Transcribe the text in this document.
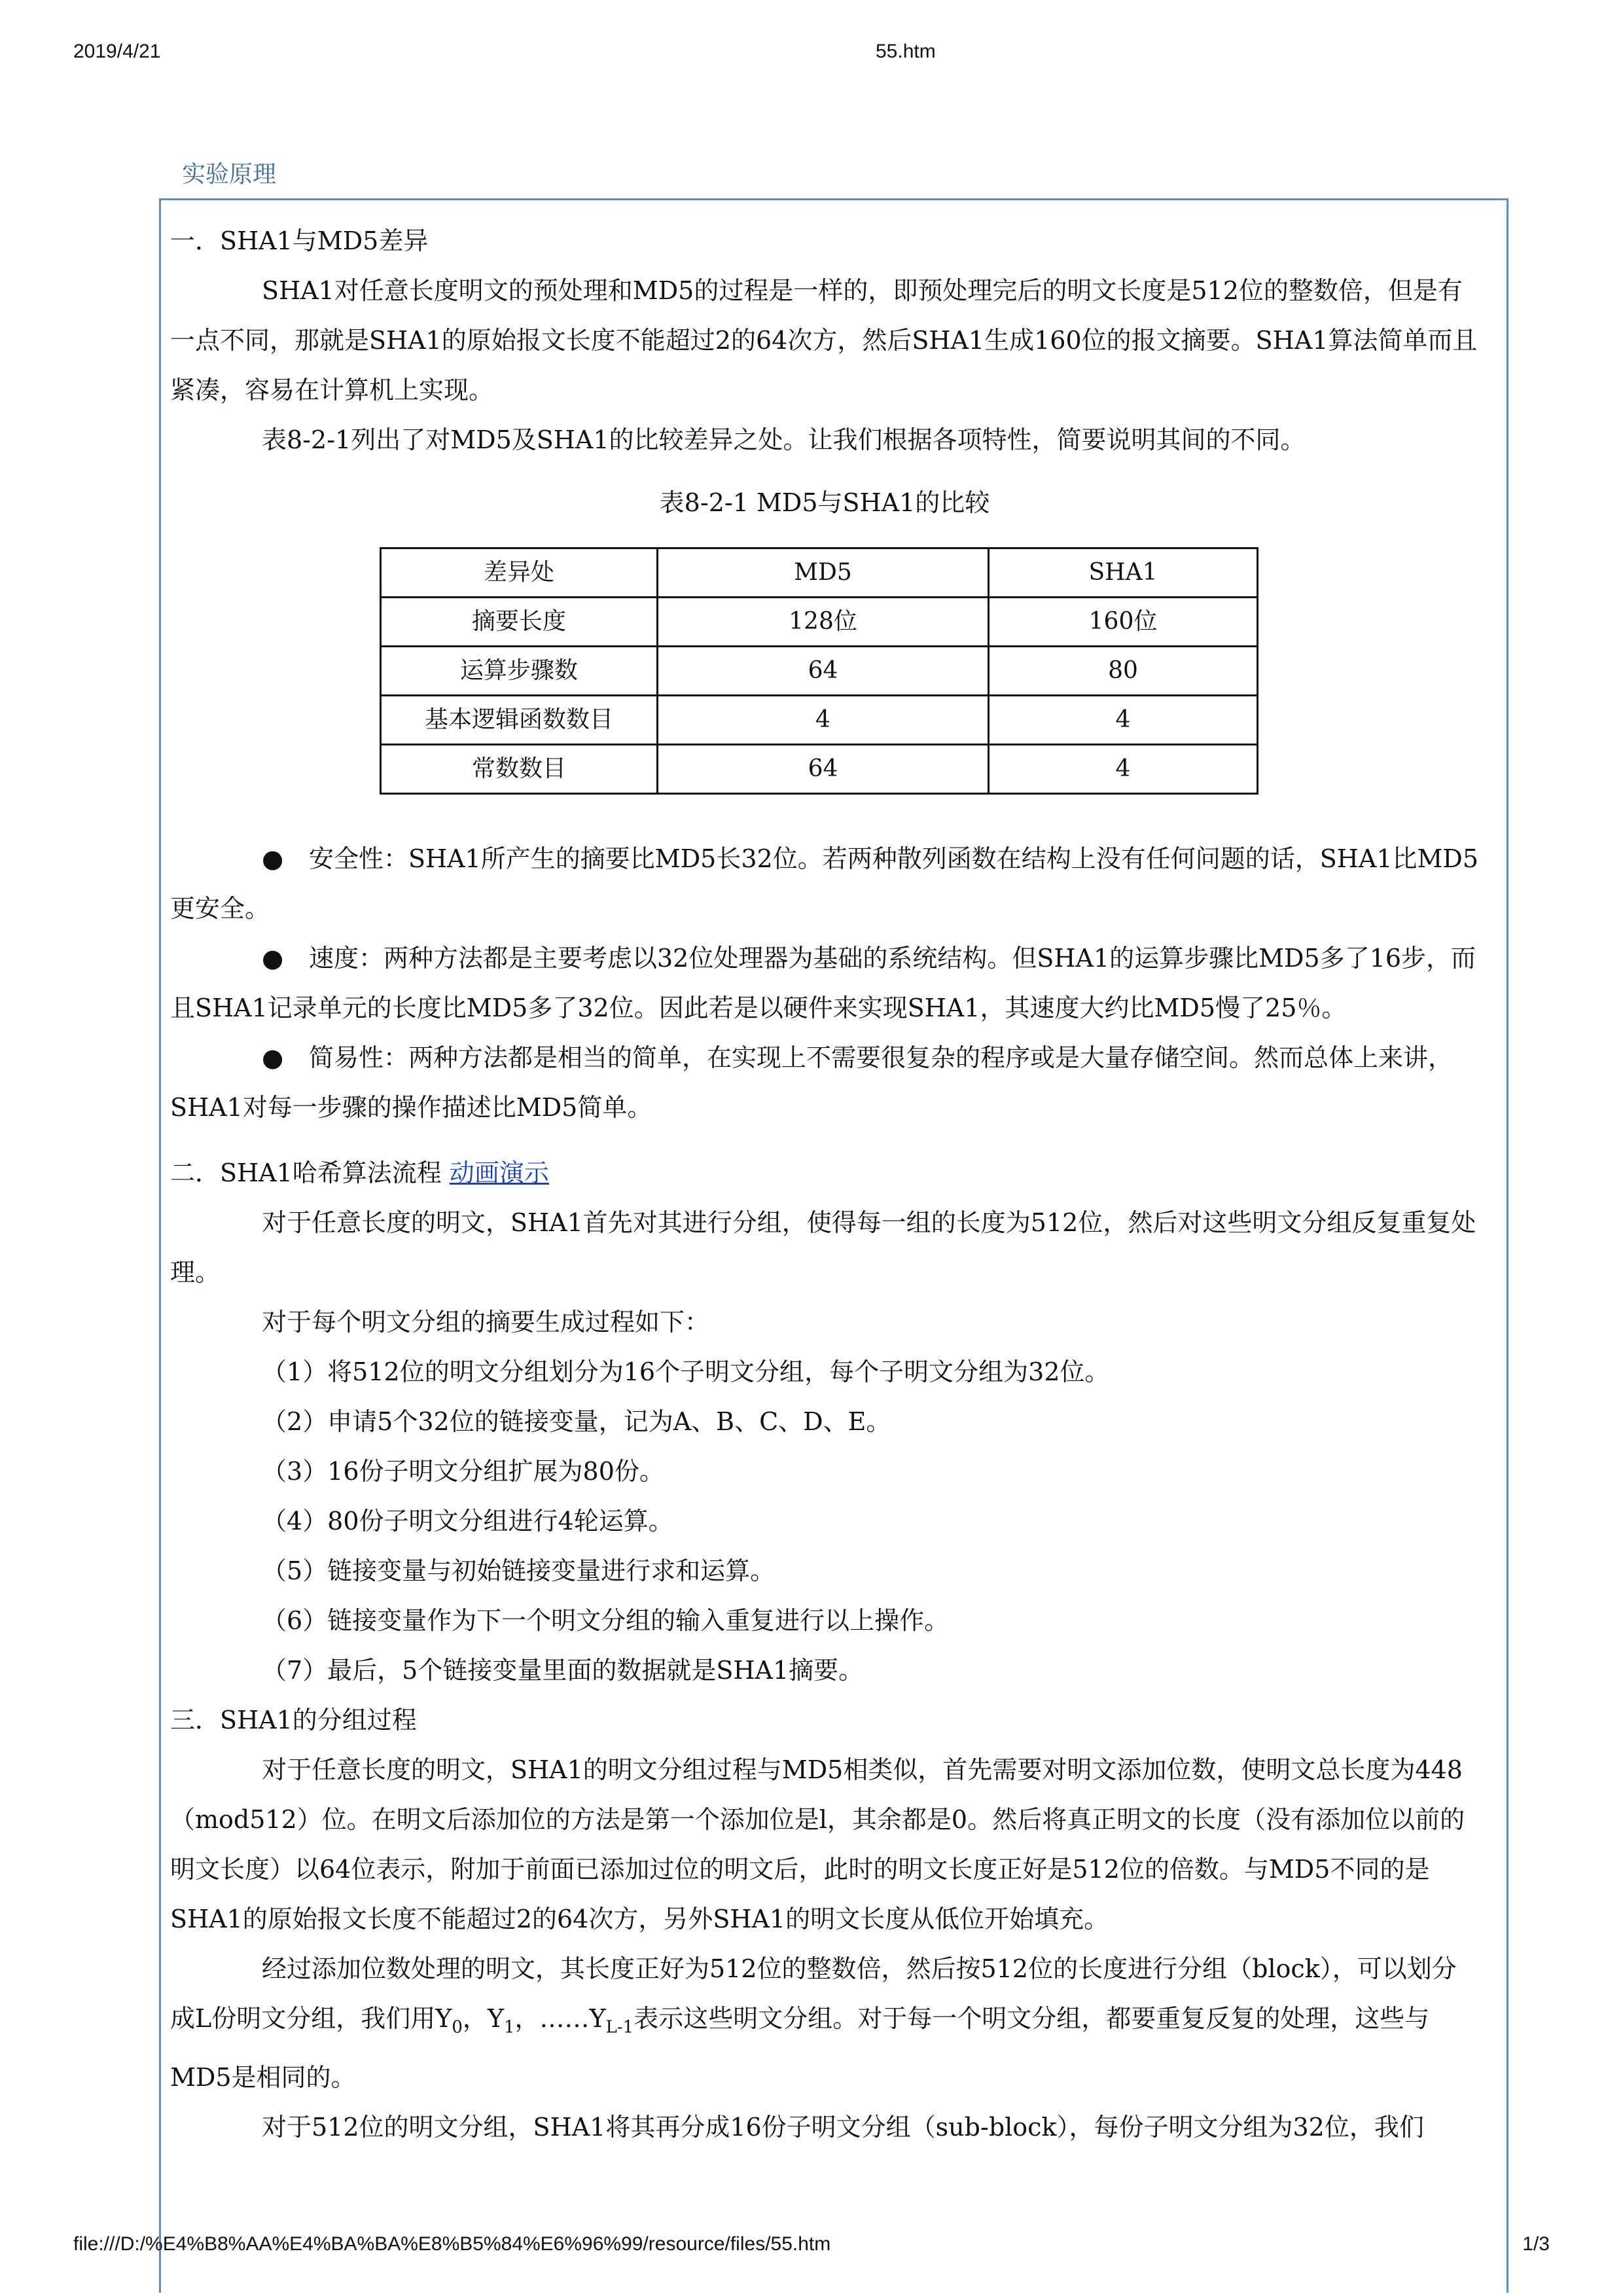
2019/4/21	55.htm
实验原理

一．SHA1与MD5差异

SHA1对任意长度明文的预处理和MD5的过程是一样的，即预处理完后的明文长度是512位的整数倍，但是有一点不同，那就是SHA1的原始报文长度不能超过2的64次方，然后SHA1生成160位的报文摘要。SHA1算法简单而且紧凑，容易在计算机上实现。

表8-2-1列出了对MD5及SHA1的比较差异之处。让我们根据各项特性，简要说明其间的不同。

表8-2-1 MD5与SHA1的比较

差异处	MD5	SHA1
摘要长度	128位	160位
运算步骤数	64	80
基本逻辑函数数目	4	4
常数数目	64	4

● 安全性：SHA1所产生的摘要比MD5长32位。若两种散列函数在结构上没有任何问题的话，SHA1比MD5更安全。

● 速度：两种方法都是主要考虑以32位处理器为基础的系统结构。但SHA1的运算步骤比MD5多了16步，而且SHA1记录单元的长度比MD5多了32位。因此若是以硬件来实现SHA1，其速度大约比MD5慢了25％。

● 简易性：两种方法都是相当的简单，在实现上不需要很复杂的程序或是大量存储空间。然而总体上来讲，SHA1对每一步骤的操作描述比MD5简单。

二．SHA1哈希算法流程 动画演示

对于任意长度的明文，SHA1首先对其进行分组，使得每一组的长度为512位，然后对这些明文分组反复重复处理。

对于每个明文分组的摘要生成过程如下：

（1）将512位的明文分组划分为16个子明文分组，每个子明文分组为32位。

（2）申请5个32位的链接变量，记为A、B、C、D、E。

（3）16份子明文分组扩展为80份。

（4）80份子明文分组进行4轮运算。

（5）链接变量与初始链接变量进行求和运算。

（6）链接变量作为下一个明文分组的输入重复进行以上操作。

（7）最后，5个链接变量里面的数据就是SHA1摘要。

三．SHA1的分组过程

对于任意长度的明文，SHA1的明文分组过程与MD5相类似，首先需要对明文添加位数，使明文总长度为448（mod512）位。在明文后添加位的方法是第一个添加位是l，其余都是0。然后将真正明文的长度（没有添加位以前的明文长度）以64位表示，附加于前面已添加过位的明文后，此时的明文长度正好是512位的倍数。与MD5不同的是SHA1的原始报文长度不能超过2的64次方，另外SHA1的明文长度从低位开始填充。

经过添加位数处理的明文，其长度正好为512位的整数倍，然后按512位的长度进行分组（block），可以划分成L份明文分组，我们用$Y_0$，$Y_1$，$\dots\dots Y_{L-1}$表示这些明文分组。对于每一个明文分组，都要重复反复的处理，这些与MD5是相同的。

对于512位的明文分组，SHA1将其再分成16份子明文分组（sub-block），每份子明文分组为32位，我们

file:///D:/%E4%B8%AA%E4%BA%BA%E8%B5%84%E6%96%99/resource/files/55.htm	1/3
